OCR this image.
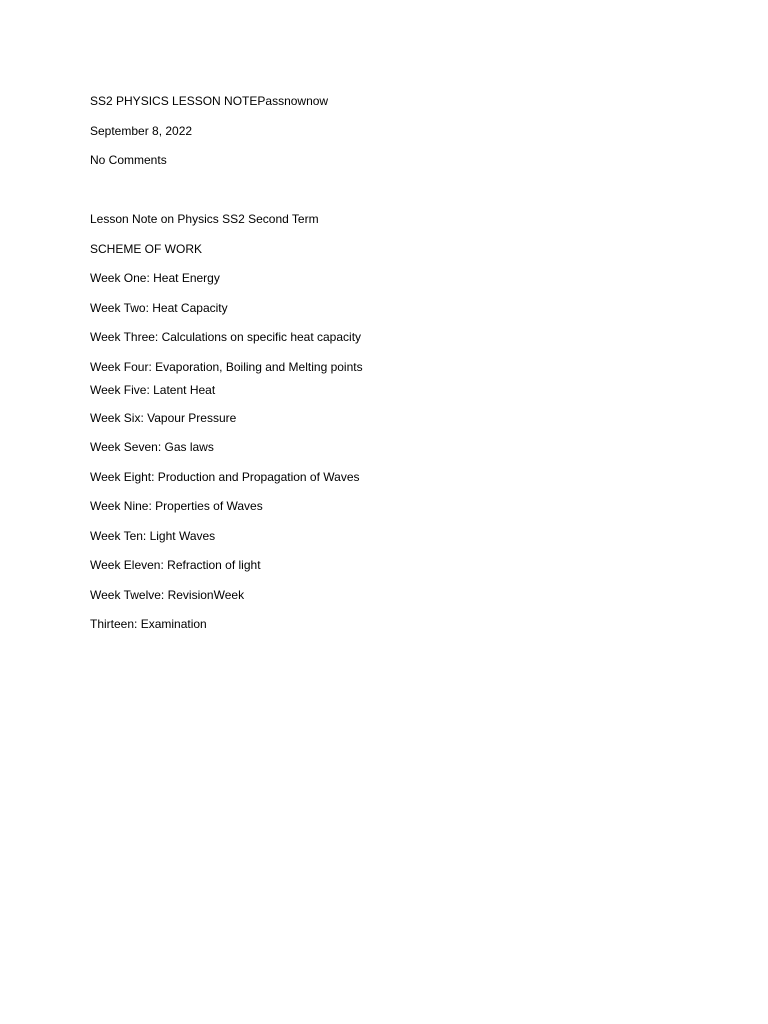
SS2 PHYSICS LESSON NOTEPassnownow
September 8, 2022
No Comments
Lesson Note on Physics SS2 Second Term
SCHEME OF WORK
Week One: Heat Energy
Week Two: Heat Capacity
Week Three: Calculations on specific heat capacity
Week Four: Evaporation, Boiling and Melting points
Week Five: Latent Heat
Week Six: Vapour Pressure
Week Seven: Gas laws
Week Eight: Production and Propagation of Waves
Week Nine: Properties of Waves
Week Ten: Light Waves
Week Eleven: Refraction of light
Week Twelve: RevisionWeek
Thirteen: Examination
